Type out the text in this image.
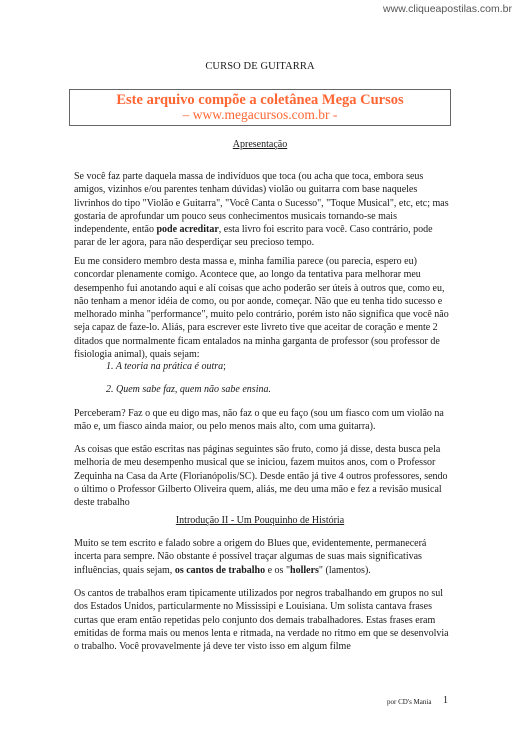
www.cliqueapostilas.com.br
CURSO DE GUITARRA
Este arquivo compõe a coletânea Mega Cursos
– www.megacursos.com.br -
Apresentação

Se você faz parte daquela massa de indivíduos que toca (ou acha que toca, embora seus amigos, vizinhos e/ou parentes tenham dúvidas) violão ou guitarra com base naqueles livrinhos do tipo "Violão e Guitarra", "Você Canta o Sucesso", "Toque Musical", etc, etc; mas gostaria de aprofundar um pouco seus conhecimentos musicais tornando-se mais independente, então pode acreditar, esta livro foi escrito para você. Caso contrário, pode parar de ler agora, para não desperdiçar seu precioso tempo.

Eu me considero membro desta massa e, minha família parece (ou parecia, espero eu) concordar plenamente comigo. Acontece que, ao longo da tentativa para melhorar meu desempenho fui anotando aqui e alí coisas que acho poderão ser úteis à outros que, como eu, não tenham a menor idéia de como, ou por aonde, começar. Não que eu tenha tido sucesso e melhorado minha "performance", muito pelo contrário, porém isto não significa que você não seja capaz de faze-lo. Aliás, para escrever este livreto tive que aceitar de coração e mente 2 ditados que normalmente ficam entalados na minha garganta de professor (sou professor de fisiologia animal), quais sejam:

1. A teoria na prática é outra;
2. Quem sabe faz, quem não sabe ensina.

Perceberam? Faz o que eu digo mas, não faz o que eu faço (sou um fiasco com um violão na mão e, um fiasco ainda maior, ou pelo menos mais alto, com uma guitarra).

As coisas que estão escritas nas páginas seguintes são fruto, como já disse, desta busca pela melhoria de meu desempenho musical que se iniciou, fazem muitos anos, com o Professor Zequinha na Casa da Arte (Florianópolis/SC). Desde então já tive 4 outros professores, sendo o último o Professor Gilberto Oliveira quem, aliás, me deu uma mão e fez a revisão musical deste trabalho

Introdução II - Um Pouquinho de História

Muito se tem escrito e falado sobre a origem do Blues que, evidentemente, permanecerá incerta para sempre. Não obstante é possível traçar algumas de suas mais significativas influências, quais sejam, os cantos de trabalho e os "hollers" (lamentos).

Os cantos de trabalhos eram tipicamente utilizados por negros trabalhando em grupos no sul dos Estados Unidos, particularmente no Mississipi e Louisiana. Um solista cantava frases curtas que eram então repetidas pelo conjunto dos demais trabalhadores. Estas frases eram emitidas de forma mais ou menos lenta e ritmada, na verdade no ritmo em que se desenvolvia o trabalho. Você provavelmente já deve ter visto isso em algum filme

por CD's Mania 1
